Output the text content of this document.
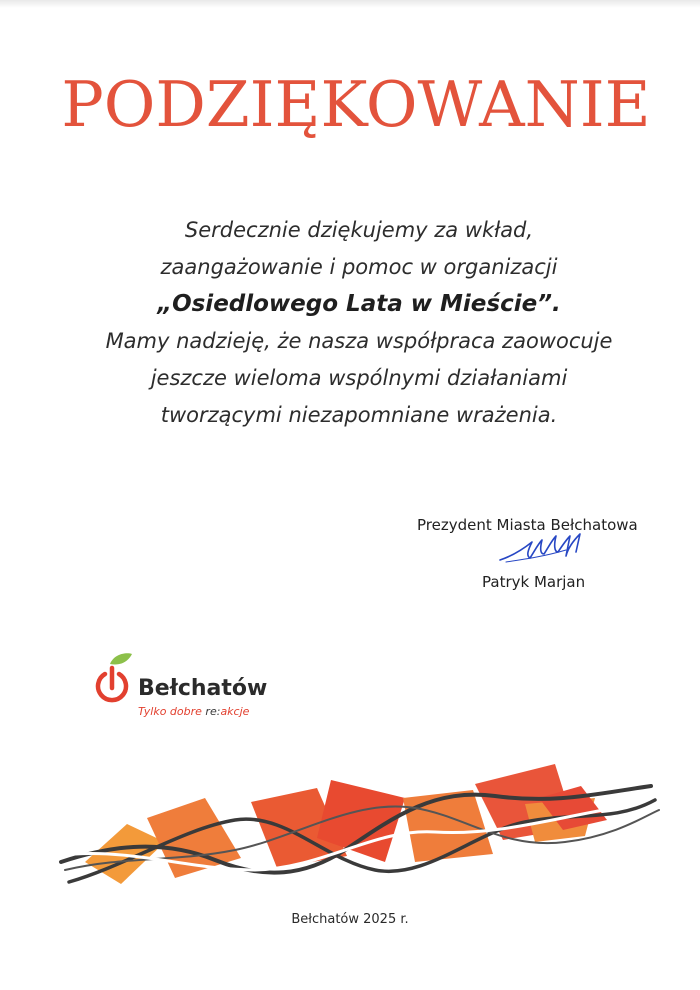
PODZIĘKOWANIE
Serdecznie dziękujemy za wkład,
zaangażowanie i pomoc w organizacji
„Osiedlowego Lata w Mieście”.
Mamy nadzieję, że nasza współpraca zaowocuje
jeszcze wieloma wspólnymi działaniami
tworzącymi niezapomniane wrażenia.
Prezydent Miasta Bełchatowa
Patryk Marjan
Bełchatów
Tylko dobre re:akcje
Bełchatów 2025 r.
